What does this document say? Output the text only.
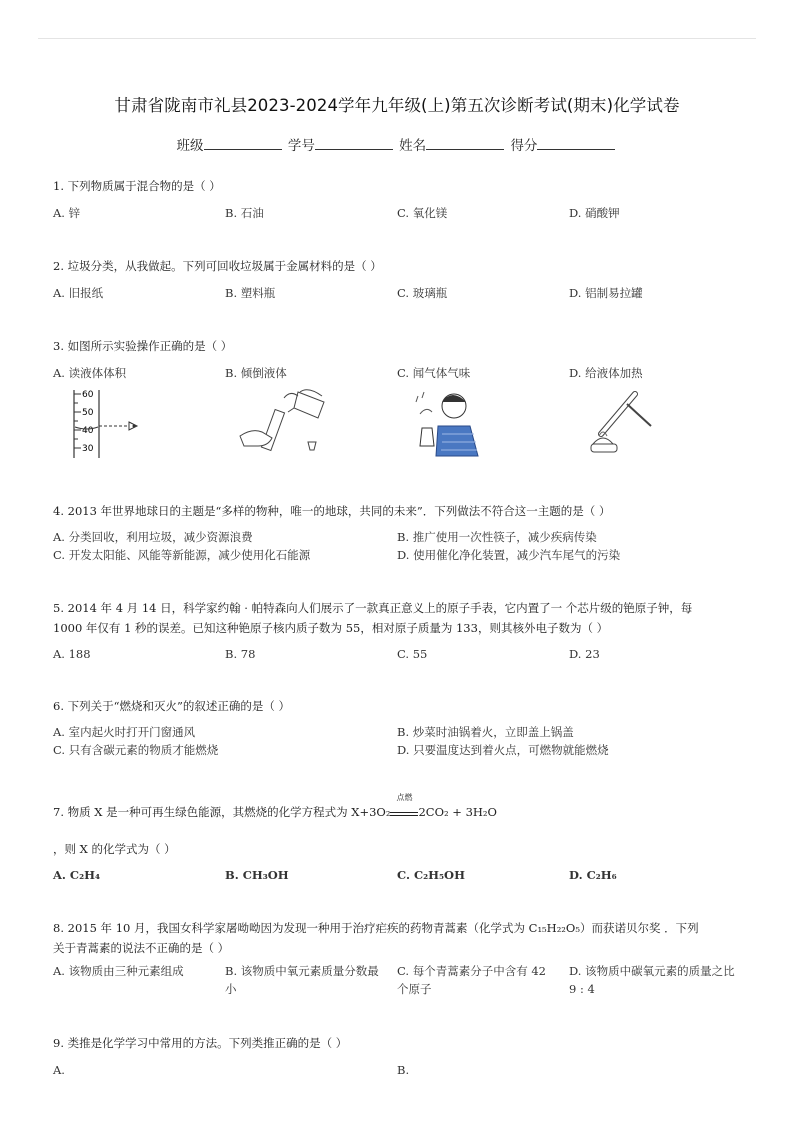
甘肃省陇南市礼县2023-2024学年九年级(上)第五次诊断考试(期末)化学试卷
班级	学号	姓名	得分
1. 下列物质属于混合物的是（ ）
A. 锌	B. 石油	C. 氧化镁	D. 硝酸钾
2. 垃圾分类，从我做起。下列可回收垃圾属于金属材料的是（ ）
A. 旧报纸	B. 塑料瓶	C. 玻璃瓶	D. 铝制易拉罐
3. 如图所示实验操作正确的是（ ）
A. 读液体体积	B. 倾倒液体	C. 闻气体气味	D. 给液体加热
60
50
40
30
4. 2013 年世界地球日的主题是“多样的物种，唯一的地球，共同的未来”．下列做法不符合这一主题的是（ ）
A. 分类回收，利用垃圾，减少资源浪费	B. 推广使用一次性筷子，减少疾病传染
C. 开发太阳能、风能等新能源，减少使用化石能源	D. 使用催化净化装置，减少汽车尾气的污染
5. 2014 年 4 月 14 日，科学家约翰 · 帕特森向人们展示了一款真正意义上的原子手表，它内置了一 个芯片级的铯原子钟，每
1000 年仅有 1 秒的误差。已知这种铯原子核内质子数为 55，相对原子质量为 133，则其核外电子数为（ ）
A. 188	B. 78	C. 55	D. 23
6. 下列关于“燃烧和灭火”的叙述正确的是（ ）
A. 室内起火时打开门窗通风	B. 炒菜时油锅着火，立即盖上锅盖
C. 只有含碳元素的物质才能燃烧	D. 只要温度达到着火点，可燃物就能燃烧
7. 物质 X 是一种可再生绿色能源，其燃烧的化学方程式为 X+3O₂
点燃
2CO₂ + 3H₂O
，则 X 的化学式为（ ）
A. C₂H₄	B. CH₃OH	C. C₂H₅OH	D. C₂H₆
8. 2015 年 10 月，我国女科学家屠呦呦因为发现一种用于治疗疟疾的药物青蒿素（化学式为 C₁₅H₂₂O₅）而获诺贝尔奖 ．下列
关于青蒿素的说法不正确的是（ ）
A. 该物质由三种元素组成	B. 该物质中氧元素质量分数最小
C. 每个青蒿素分子中含有 42 个原子
D. 该物质中碳氧元素的质量之比 9 : 4
9. 类推是化学学习中常用的方法。下列类推正确的是（ ）
A.	B.
